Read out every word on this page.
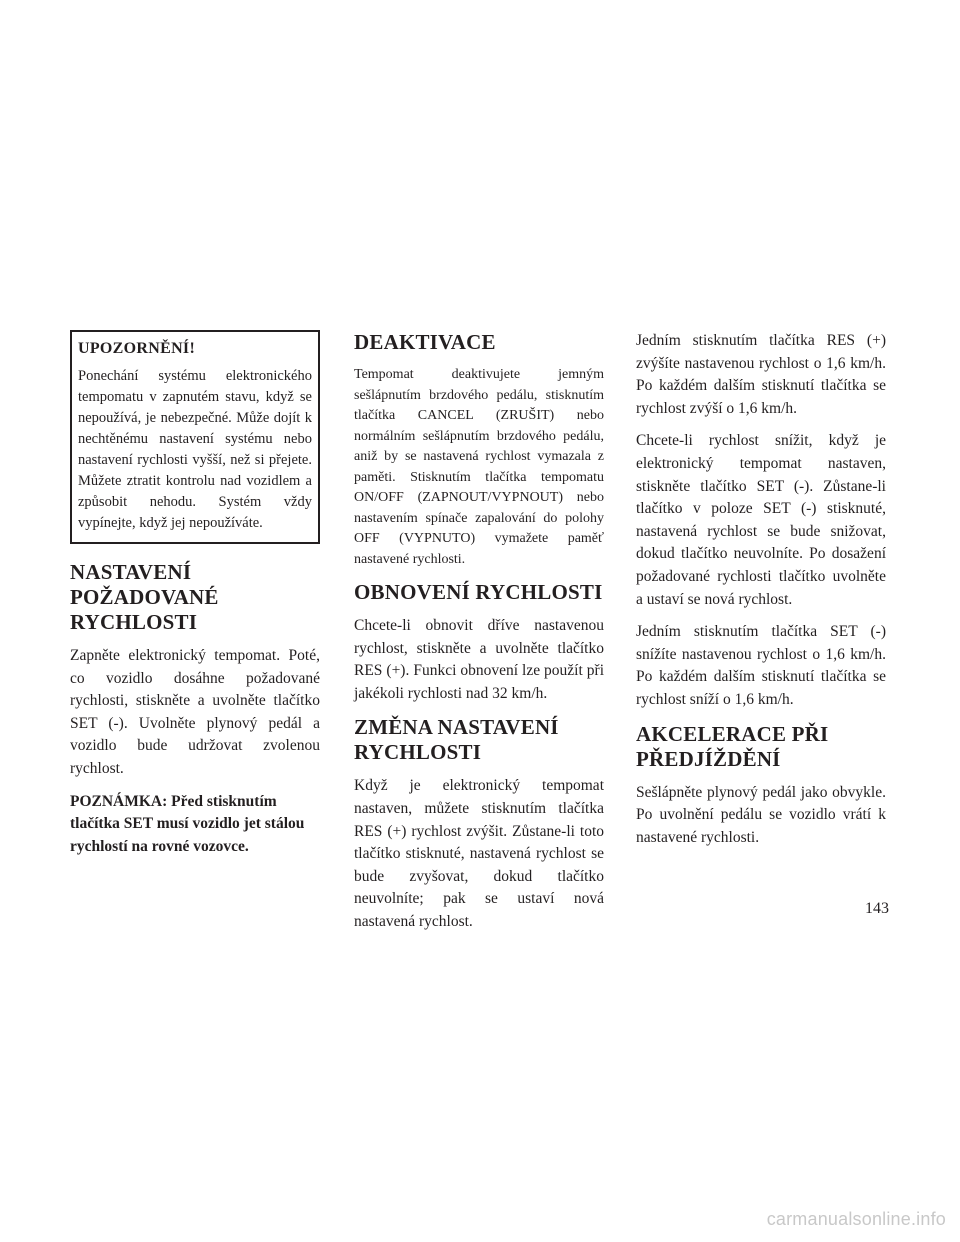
UPOZORNĚNÍ!

Ponechání systému elektronického tempomatu v zapnutém stavu, když se nepoužívá, je nebezpečné. Může dojít k nechtěnému nastavení systému nebo nastavení rychlosti vyšší, než si přejete. Můžete ztratit kontrolu nad vozidlem a způsobit nehodu. Systém vždy vypínejte, když jej nepoužíváte.

NASTAVENÍ POŽADOVANÉ RYCHLOSTI

Zapněte elektronický tempomat. Poté, co vozidlo dosáhne požadované rychlosti, stiskněte a uvolněte tlačítko SET (-). Uvolněte plynový pedál a vozidlo bude udržovat zvolenou rychlost.

POZNÁMKA: Před stisknutím tlačítka SET musí vozidlo jet stálou rychlostí na rovné vozovce.

DEAKTIVACE

Tempomat deaktivujete jemným sešlápnutím brzdového pedálu, stisknutím tlačítka CANCEL (ZRUŠIT) nebo normálním sešlápnutím brzdového pedálu, aniž by se nastavená rychlost vymazala z paměti. Stisknutím tlačítka tempomatu ON/OFF (ZAPNOUT/VYPNOUT) nebo nastavením spínače zapalování do polohy OFF (VYPNUTO) vymažete paměť nastavené rychlosti.

OBNOVENÍ RYCHLOSTI

Chcete-li obnovit dříve nastavenou rychlost, stiskněte a uvolněte tlačítko RES (+). Funkci obnovení lze použít při jakékoli rychlosti nad 32 km/h.

ZMĚNA NASTAVENÍ RYCHLOSTI

Když je elektronický tempomat nastaven, můžete stisknutím tlačítka RES (+) rychlost zvýšit. Zůstane-li toto tlačítko stisknuté, nastavená rychlost se bude zvyšovat, dokud tlačítko neuvolníte; pak se ustaví nová nastavená rychlost.

Jedním stisknutím tlačítka RES (+) zvýšíte nastavenou rychlost o 1,6 km/h. Po každém dalším stisknutí tlačítka se rychlost zvýší o 1,6 km/h.

Chcete-li rychlost snížit, když je elektronický tempomat nastaven, stiskněte tlačítko SET (-). Zůstane-li tlačítko v poloze SET (-) stisknuté, nastavená rychlost se bude snižovat, dokud tlačítko neuvolníte. Po dosažení požadované rychlosti tlačítko uvolněte a ustaví se nová rychlost.

Jedním stisknutím tlačítka SET (-) snížíte nastavenou rychlost o 1,6 km/h. Po každém dalším stisknutí tlačítka se rychlost sníží o 1,6 km/h.

AKCELERACE PŘI PŘEDJÍŽDĚNÍ

Sešlápněte plynový pedál jako obvykle. Po uvolnění pedálu se vozidlo vrátí k nastavené rychlosti.

143
carmanualsonline.info
